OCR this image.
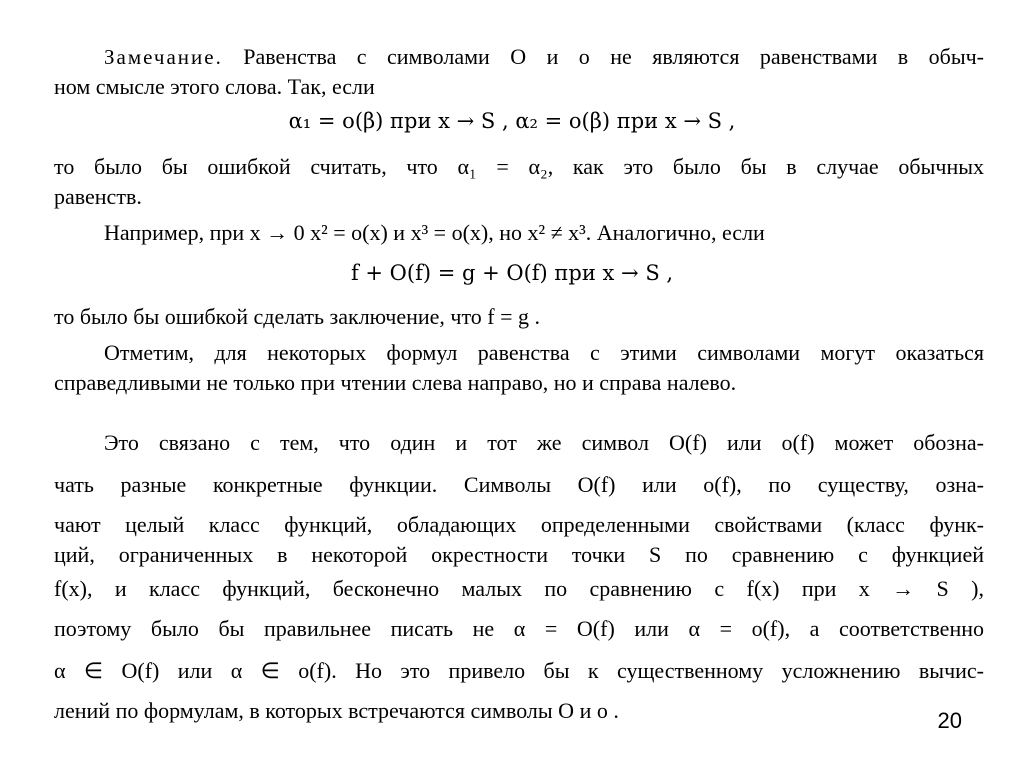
Замечание. Равенства с символами O и o не являются равенствами в обыч-

ном смысле этого слова. Так, если

α₁ = o(β) при x → S , α₂ = o(β) при x → S ,

то было бы ошибкой считать, что α₁ = α₂, как это было бы в случае обычных

равенств.

Например, при x → 0 x² = o(x) и x³ = o(x), но x² ≠ x³. Аналогично, если

f + O(f) = g + O(f) при x → S ,

то было бы ошибкой сделать заключение, что f = g .

Отметим, для некоторых формул равенства с этими символами могут оказаться

справедливыми не только при чтении слева направо, но и справа налево.

Это связано с тем, что один и тот же символ O(f) или o(f) может обозна-

чать разные конкретные функции. Символы O(f) или o(f), по существу, озна-

чают целый класс функций, обладающих определенными свойствами (класс функ-

ций, ограниченных в некоторой окрестности точки S по сравнению с функцией

f(x), и класс функций, бесконечно малых по сравнению с f(x) при x → S ),

поэтому было бы правильнее писать не α = O(f) или α = o(f), а соответственно

α ∈ O(f) или α ∈ o(f). Но это привело бы к существенному усложнению вычис-

лений по формулам, в которых встречаются символы O и o .	20
